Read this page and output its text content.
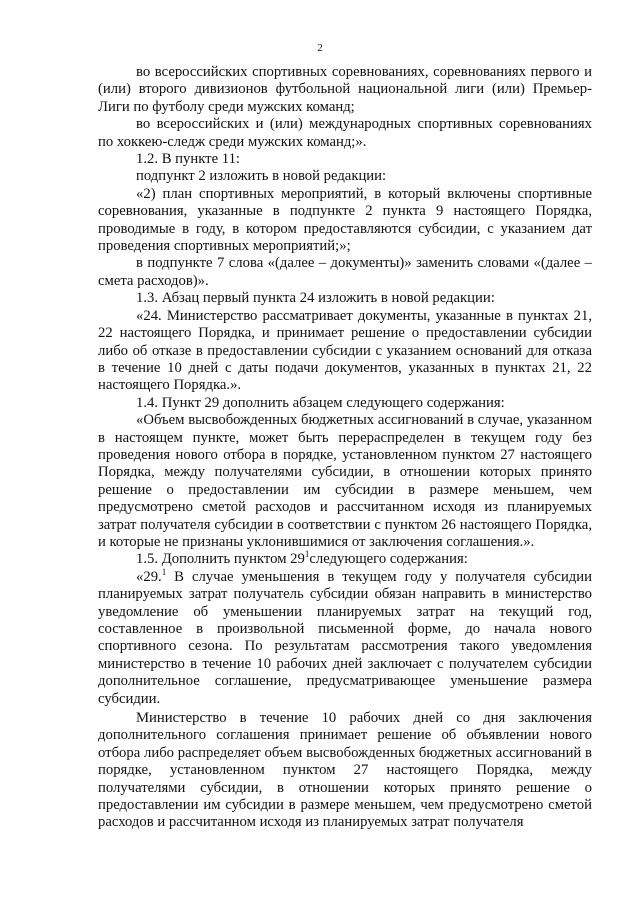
2

во всероссийских спортивных соревнованиях, соревнованиях первого и (или) второго дивизионов футбольной национальной лиги (или) Премьер-Лиги по футболу среди мужских команд;

во всероссийских и (или) международных спортивных соревнованиях по хоккею-следж среди мужских команд;».

1.2. В пункте 11:

подпункт 2 изложить в новой редакции:

«2) план спортивных мероприятий, в который включены спортивные соревнования, указанные в подпункте 2 пункта 9 настоящего Порядка, проводимые в году, в котором предоставляются субсидии, с указанием дат проведения спортивных мероприятий;»;

в подпункте 7 слова «(далее – документы)» заменить словами «(далее – смета расходов)».

1.3. Абзац первый пункта 24 изложить в новой редакции:

«24. Министерство рассматривает документы, указанные в пунктах 21, 22 настоящего Порядка, и принимает решение о предоставлении субсидии либо об отказе в предоставлении субсидии с указанием оснований для отказа в течение 10 дней с даты подачи документов, указанных в пунктах 21, 22 настоящего Порядка.».

1.4. Пункт 29 дополнить абзацем следующего содержания:

«Объем высвобожденных бюджетных ассигнований в случае, указанном в настоящем пункте, может быть перераспределен в текущем году без проведения нового отбора в порядке, установленном пунктом 27 настоящего Порядка, между получателями субсидии, в отношении которых принято решение о предоставлении им субсидии в размере меньшем, чем предусмотрено сметой расходов и рассчитанном исходя из планируемых затрат получателя субсидии в соответствии с пунктом 26 настоящего Порядка, и которые не признаны уклонившимися от заключения соглашения.».

1.5. Дополнить пунктом $29^1следующего$ содержания:

«29.$^1$ В случае уменьшения в текущем году у получателя субсидии планируемых затрат получатель субсидии обязан направить в министерство уведомление об уменьшении планируемых затрат на текущий год, составленное в произвольной письменной форме, до начала нового спортивного сезона. По результатам рассмотрения такого уведомления министерство в течение 10 рабочих дней заключает с получателем субсидии дополнительное соглашение, предусматривающее уменьшение размера субсидии.

Министерство в течение 10 рабочих дней со дня заключения дополнительного соглашения принимает решение об объявлении нового отбора либо распределяет объем высвобожденных бюджетных ассигнований в порядке, установленном пунктом 27 настоящего Порядка, между получателями субсидии, в отношении которых принято решение о предоставлении им субсидии в размере меньшем, чем предусмотрено сметой расходов и рассчитанном исходя из планируемых затрат получателя
